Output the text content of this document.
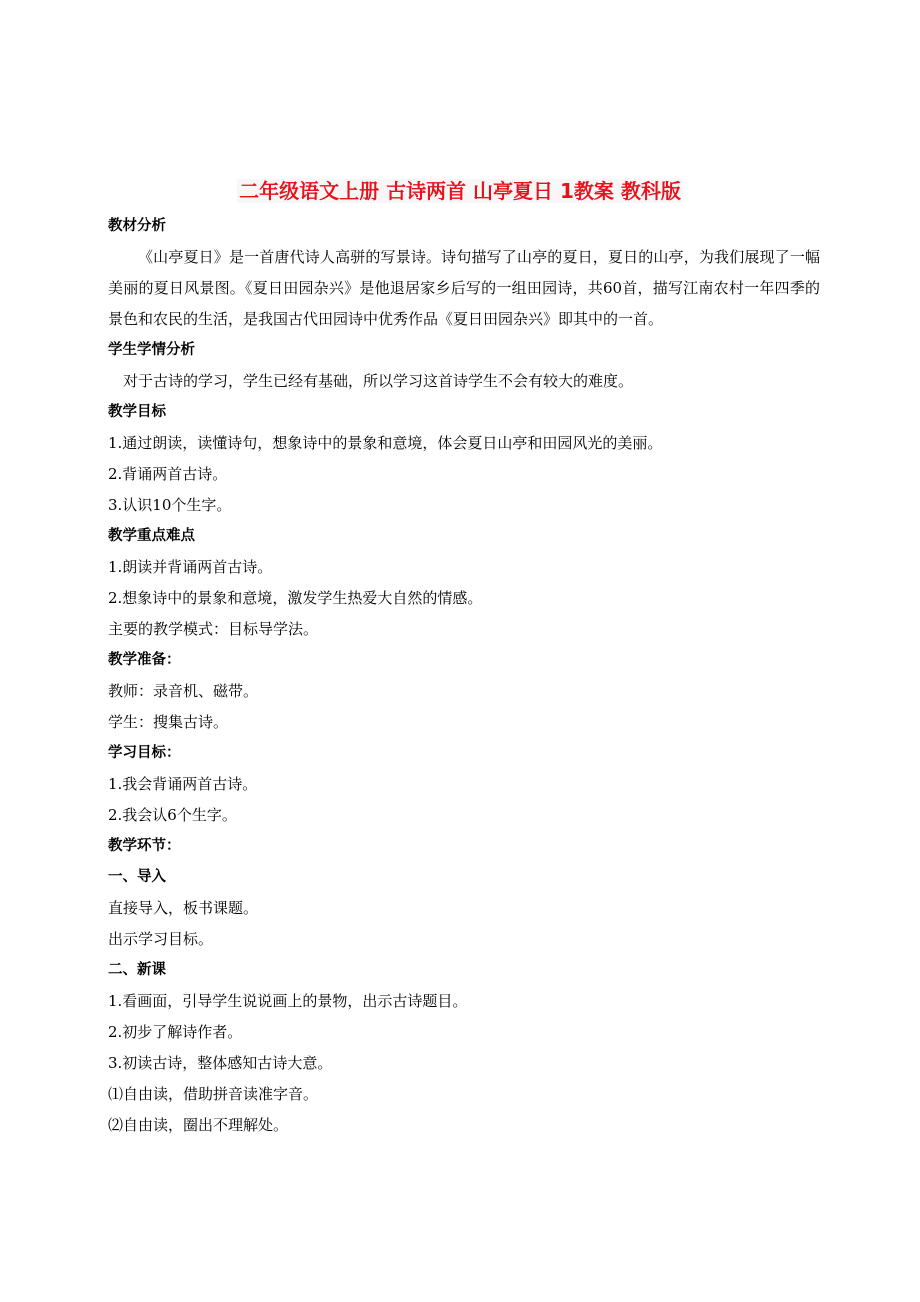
二年级语文上册 古诗两首 山亭夏日 1教案 教科版
教材分析

《山亭夏日》是一首唐代诗人高骈的写景诗。诗句描写了山亭的夏日，夏日的山亭，为我们展现了一幅美丽的夏日风景图。《夏日田园杂兴》是他退居家乡后写的一组田园诗，共60首，描写江南农村一年四季的景色和农民的生活，是我国古代田园诗中优秀作品《夏日田园杂兴》即其中的一首。

学生学情分析
对于古诗的学习，学生已经有基础，所以学习这首诗学生不会有较大的难度。
教学目标
1.通过朗读，读懂诗句，想象诗中的景象和意境，体会夏日山亭和田园风光的美丽。
2.背诵两首古诗。
3.认识10个生字。
教学重点难点
1.朗读并背诵两首古诗。
2.想象诗中的景象和意境，激发学生热爱大自然的情感。
主要的教学模式：目标导学法。
教学准备：
教师：录音机、磁带。
学生：搜集古诗。
学习目标：
1.我会背诵两首古诗。
2.我会认6个生字。
教学环节：
一、导入
直接导入，板书课题。
出示学习目标。
二、新课
1.看画面，引导学生说说画上的景物，出示古诗题目。
2.初步了解诗作者。
3.初读古诗，整体感知古诗大意。
⑴自由读，借助拼音读准字音。
⑵自由读，圈出不理解处。
